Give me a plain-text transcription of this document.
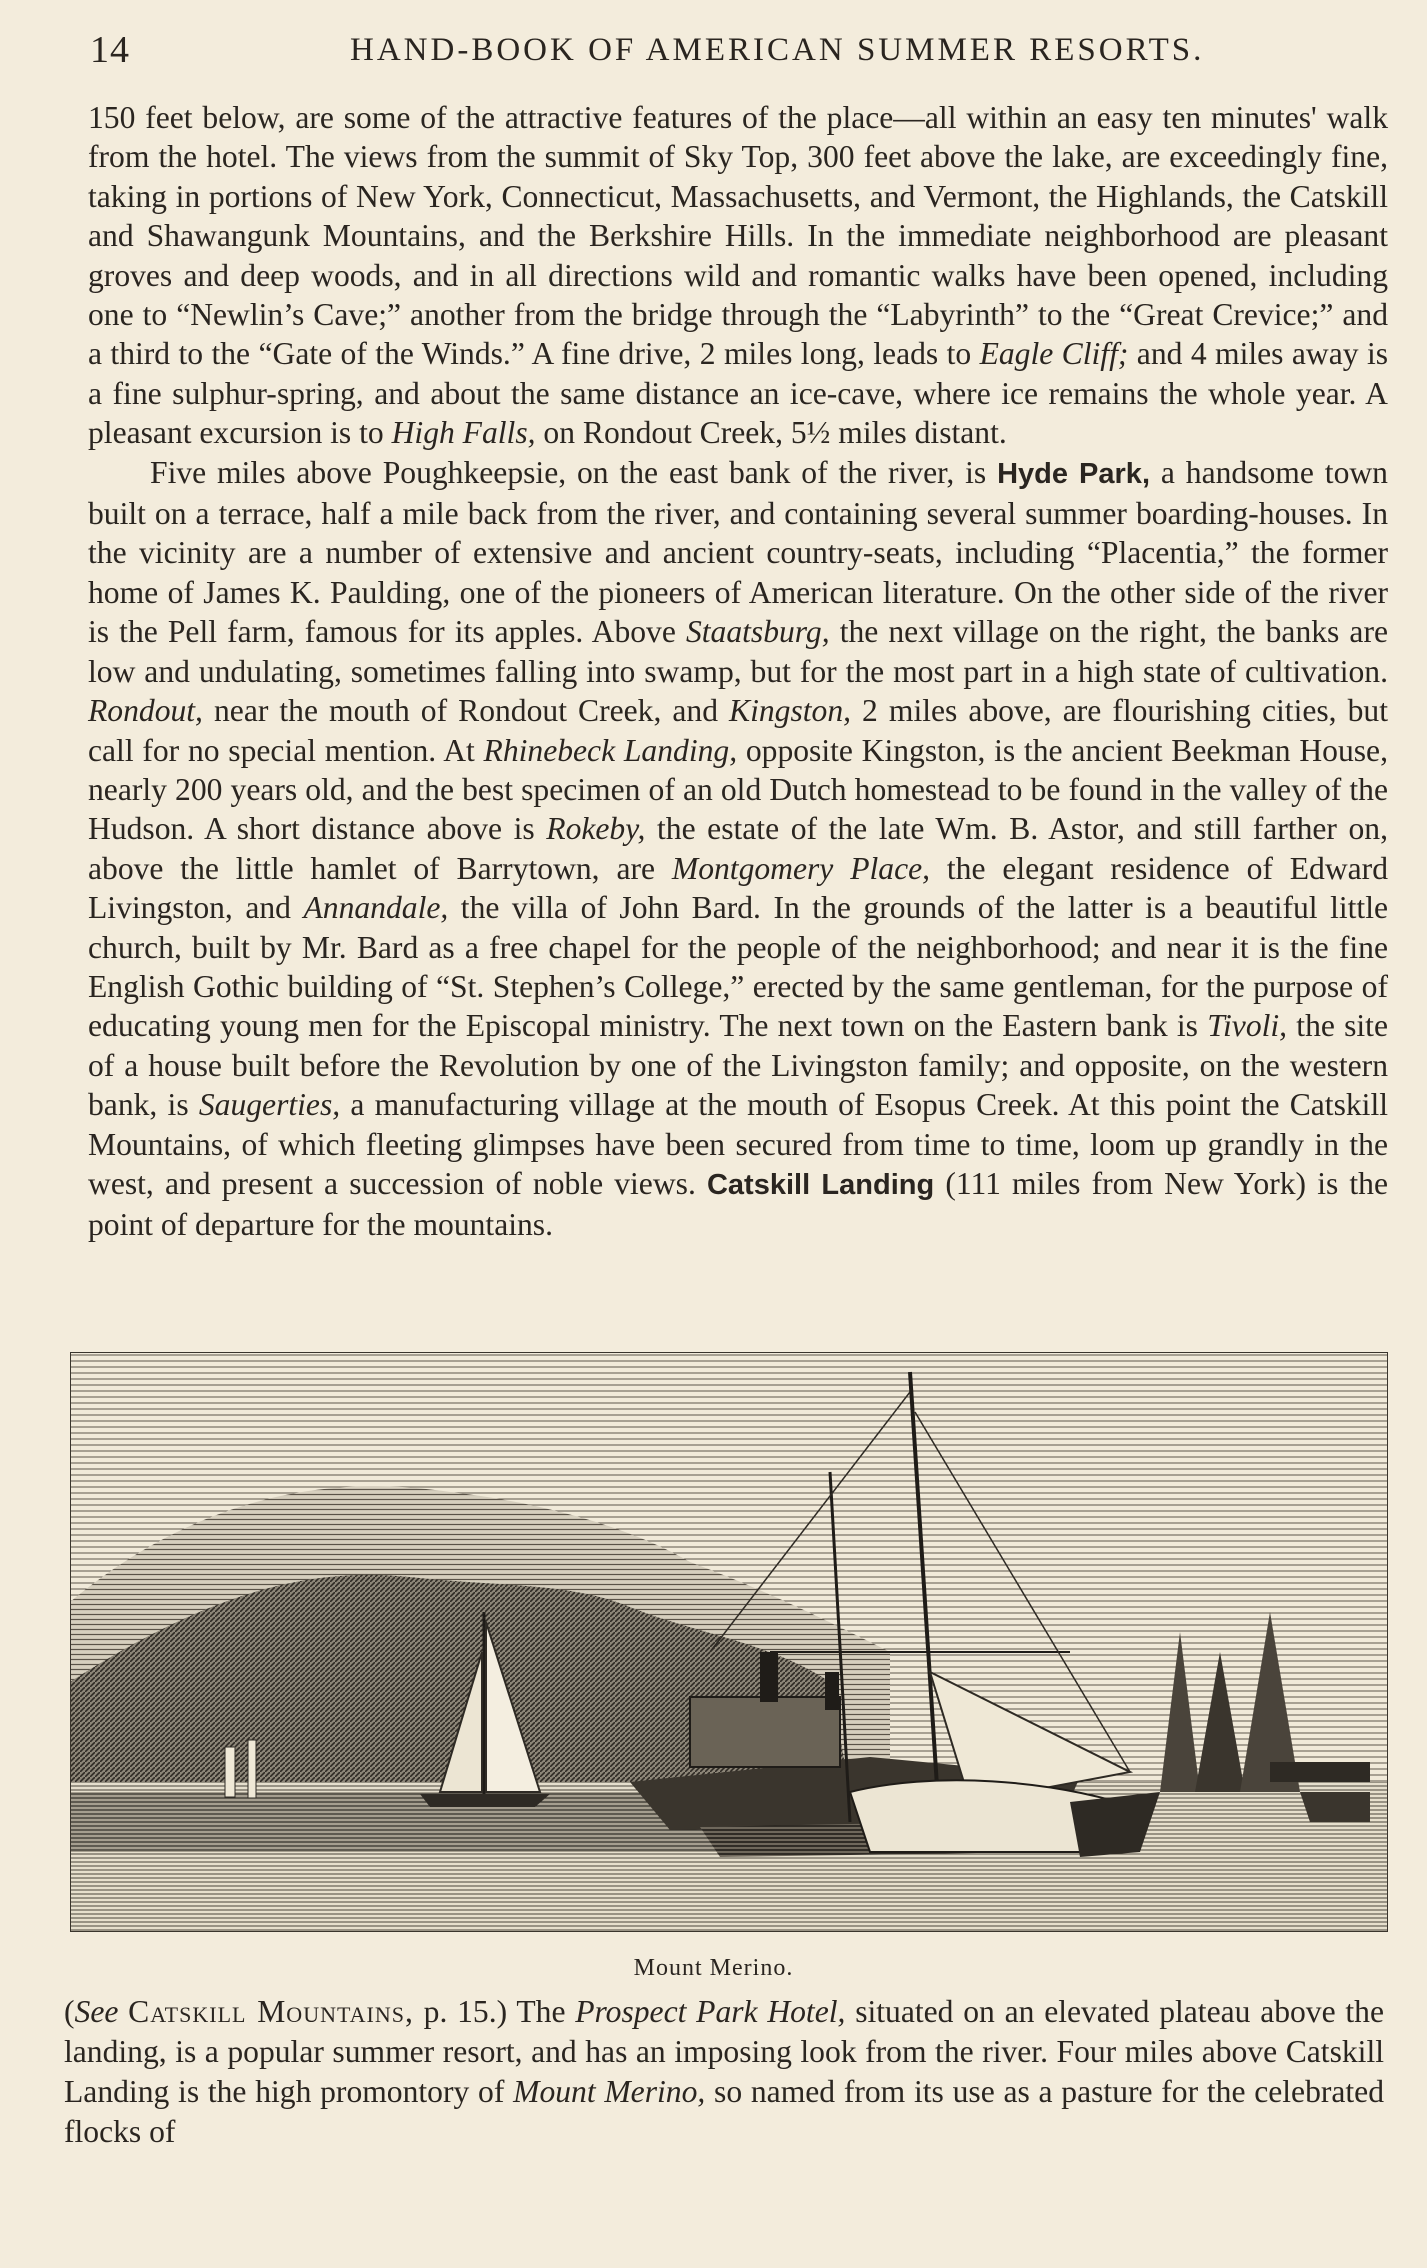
14	HAND-BOOK OF AMERICAN SUMMER RESORTS.

150 feet below, are some of the attractive features of the place—all within an easy ten minutes' walk from the hotel. The views from the summit of Sky Top, 300 feet above the lake, are exceedingly fine, taking in portions of New York, Connecticut, Massachusetts, and Vermont, the Highlands, the Catskill and Shawangunk Mountains, and the Berkshire Hills. In the immediate neighborhood are pleasant groves and deep woods, and in all directions wild and romantic walks have been opened, including one to “Newlin’s Cave;” another from the bridge through the “Labyrinth” to the “Great Crevice;” and a third to the “Gate of the Winds.” A fine drive, 2 miles long, leads to Eagle Cliff; and 4 miles away is a fine sulphur-spring, and about the same distance an ice-cave, where ice remains the whole year. A pleasant excursion is to High Falls, on Rondout Creek, 5½ miles distant.

Five miles above Poughkeepsie, on the east bank of the river, is Hyde Park, a handsome town built on a terrace, half a mile back from the river, and containing several summer boarding-houses. In the vicinity are a number of extensive and ancient country-seats, including “Placentia,” the former home of James K. Paulding, one of the pioneers of American literature. On the other side of the river is the Pell farm, famous for its apples. Above Staatsburg, the next village on the right, the banks are low and undulating, sometimes falling into swamp, but for the most part in a high state of cultivation. Rondout, near the mouth of Rondout Creek, and Kingston, 2 miles above, are flourishing cities, but call for no special mention. At Rhinebeck Landing, opposite Kingston, is the ancient Beekman House, nearly 200 years old, and the best specimen of an old Dutch homestead to be found in the valley of the Hudson. A short distance above is Rokeby, the estate of the late Wm. B. Astor, and still farther on, above the little hamlet of Barrytown, are Montgomery Place, the elegant residence of Edward Livingston, and Annandale, the villa of John Bard. In the grounds of the latter is a beautiful little church, built by Mr. Bard as a free chapel for the people of the neighborhood; and near it is the fine English Gothic building of “St. Stephen’s College,” erected by the same gentleman, for the purpose of educating young men for the Episcopal ministry. The next town on the Eastern bank is Tivoli, the site of a house built before the Revolution by one of the Livingston family; and opposite, on the western bank, is Saugerties, a manufacturing village at the mouth of Esopus Creek. At this point the Catskill Mountains, of which fleeting glimpses have been secured from time to time, loom up grandly in the west, and present a succession of noble views. Catskill Landing (111 miles from New York) is the point of departure for the mountains.

Mount Merino.

(See Catskill Mountains, p. 15.) The Prospect Park Hotel, situated on an elevated plateau above the landing, is a popular summer resort, and has an imposing look from the river. Four miles above Catskill Landing is the high promontory of Mount Merino, so named from its use as a pasture for the celebrated flocks of
